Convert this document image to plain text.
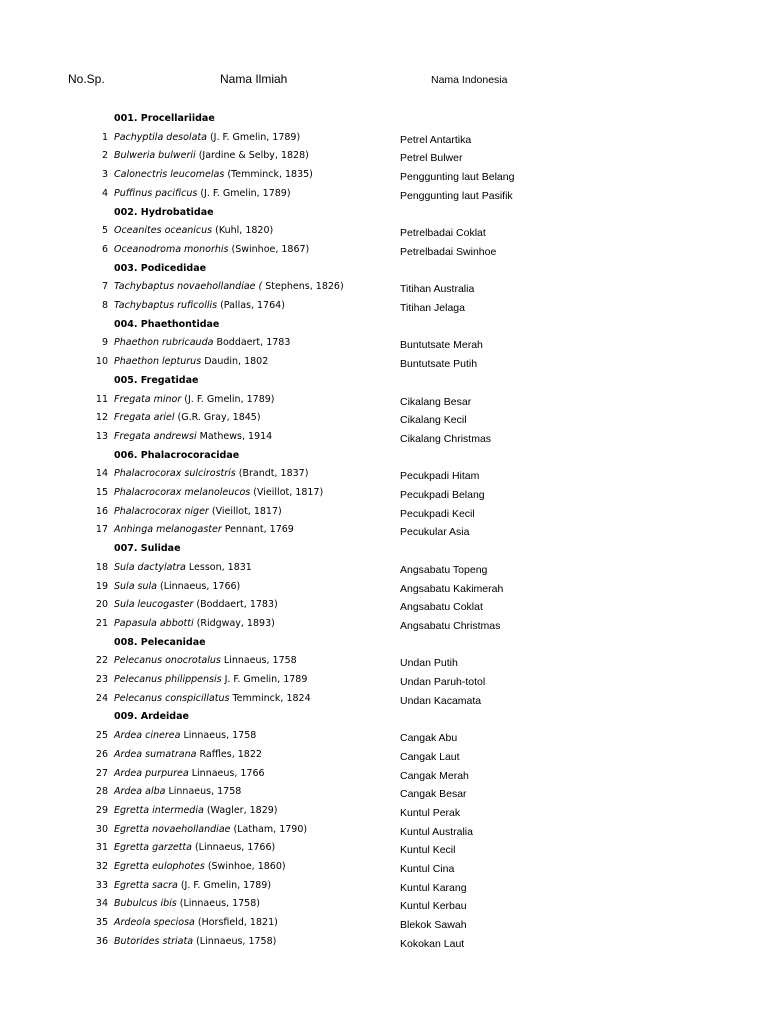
No.Sp.	Nama Ilmiah	Nama Indonesia
001. Procellariidae
1 Pachyptila desolata (J. F. Gmelin, 1789)	Petrel Antartika
2 Bulweria bulwerii (Jardine & Selby, 1828)	Petrel Bulwer
3 Calonectris leucomelas (Temminck, 1835)	Penggunting laut Belang
4 Puffinus pacificus (J. F. Gmelin, 1789)	Penggunting laut Pasifik
002. Hydrobatidae
5 Oceanites oceanicus (Kuhl, 1820)	Petrelbadai Coklat
6 Oceanodroma monorhis (Swinhoe, 1867)	Petrelbadai Swinhoe
003. Podicedidae
7 Tachybaptus novaehollandiae ( Stephens, 1826)	Titihan Australia
8 Tachybaptus ruficollis (Pallas, 1764)	Titihan Jelaga
004. Phaethontidae
9 Phaethon rubricauda Boddaert, 1783	Buntutsate Merah
10 Phaethon lepturus Daudin, 1802	Buntutsate Putih
005. Fregatidae
11 Fregata minor (J. F. Gmelin, 1789)	Cikalang Besar
12 Fregata ariel (G.R. Gray, 1845)	Cikalang Kecil
13 Fregata andrewsi Mathews, 1914	Cikalang Christmas
006. Phalacrocoracidae
14 Phalacrocorax sulcirostris (Brandt, 1837)	Pecukpadi Hitam
15 Phalacrocorax melanoleucos (Vieillot, 1817)	Pecukpadi Belang
16 Phalacrocorax niger (Vieillot, 1817)	Pecukpadi Kecil
17 Anhinga melanogaster Pennant, 1769	Pecukular Asia
007. Sulidae
18 Sula dactylatra Lesson, 1831	Angsabatu Topeng
19 Sula sula (Linnaeus, 1766)	Angsabatu Kakimerah
20 Sula leucogaster (Boddaert, 1783)	Angsabatu Coklat
21 Papasula abbotti (Ridgway, 1893)	Angsabatu Christmas
008. Pelecanidae
22 Pelecanus onocrotalus Linnaeus, 1758	Undan Putih
23 Pelecanus philippensis J. F. Gmelin, 1789	Undan Paruh-totol
24 Pelecanus conspicillatus Temminck, 1824	Undan Kacamata
009. Ardeidae
25 Ardea cinerea Linnaeus, 1758	Cangak Abu
26 Ardea sumatrana Raffles, 1822	Cangak Laut
27 Ardea purpurea Linnaeus, 1766	Cangak Merah
28 Ardea alba Linnaeus, 1758	Cangak Besar
29 Egretta intermedia (Wagler, 1829)	Kuntul Perak
30 Egretta novaehollandiae (Latham, 1790)	Kuntul Australia
31 Egretta garzetta (Linnaeus, 1766)	Kuntul Kecil
32 Egretta eulophotes (Swinhoe, 1860)	Kuntul Cina
33 Egretta sacra (J. F. Gmelin, 1789)	Kuntul Karang
34 Bubulcus ibis (Linnaeus, 1758)	Kuntul Kerbau
35 Ardeola speciosa (Horsfield, 1821)	Blekok Sawah
36 Butorides striata (Linnaeus, 1758)	Kokokan Laut
